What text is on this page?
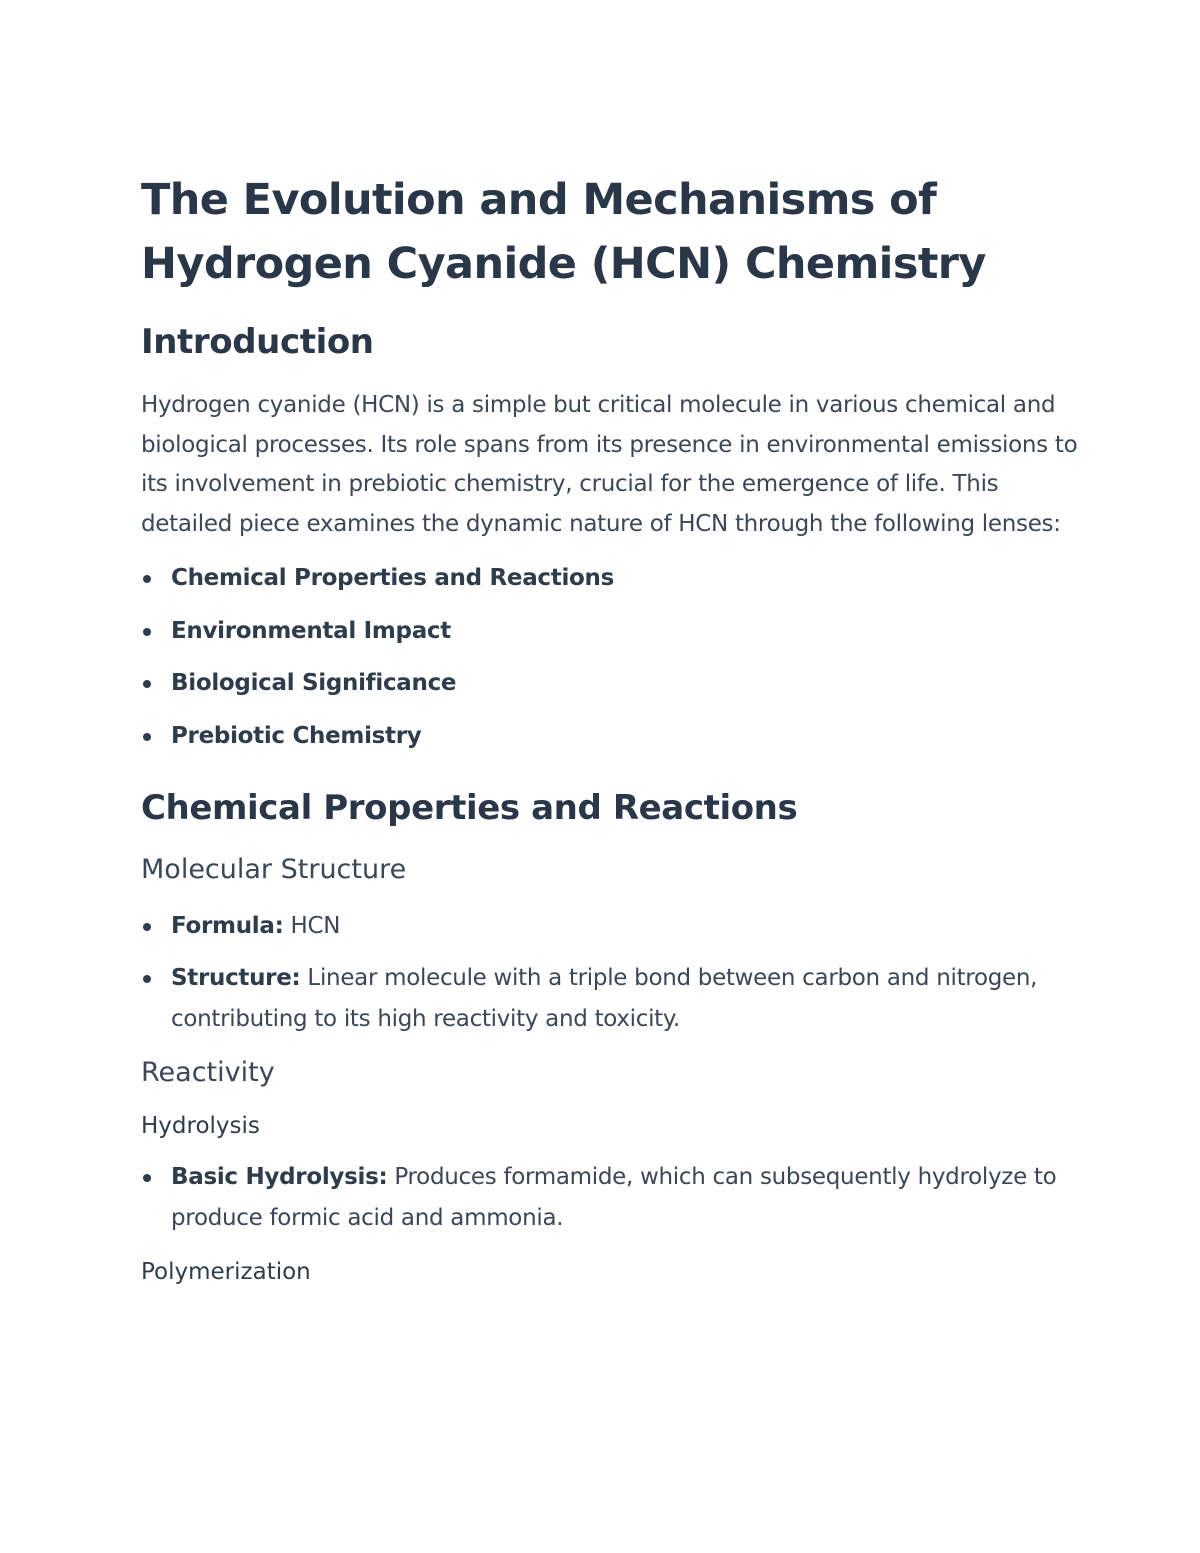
The Evolution and Mechanisms of
Hydrogen Cyanide (HCN) Chemistry
Introduction

Hydrogen cyanide (HCN) is a simple but critical molecule in various chemical and biological processes. Its role spans from its presence in environmental emissions to its involvement in prebiotic chemistry, crucial for the emergence of life. This detailed piece examines the dynamic nature of HCN through the following lenses:

Chemical Properties and Reactions
Environmental Impact
Biological Significance
Prebiotic Chemistry
Chemical Properties and Reactions
Molecular Structure
Formula: HCN
Structure: Linear molecule with a triple bond between carbon and nitrogen, contributing to its high reactivity and toxicity.
Reactivity
Hydrolysis
Basic Hydrolysis: Produces formamide, which can subsequently hydrolyze to produce formic acid and ammonia.
Polymerization
